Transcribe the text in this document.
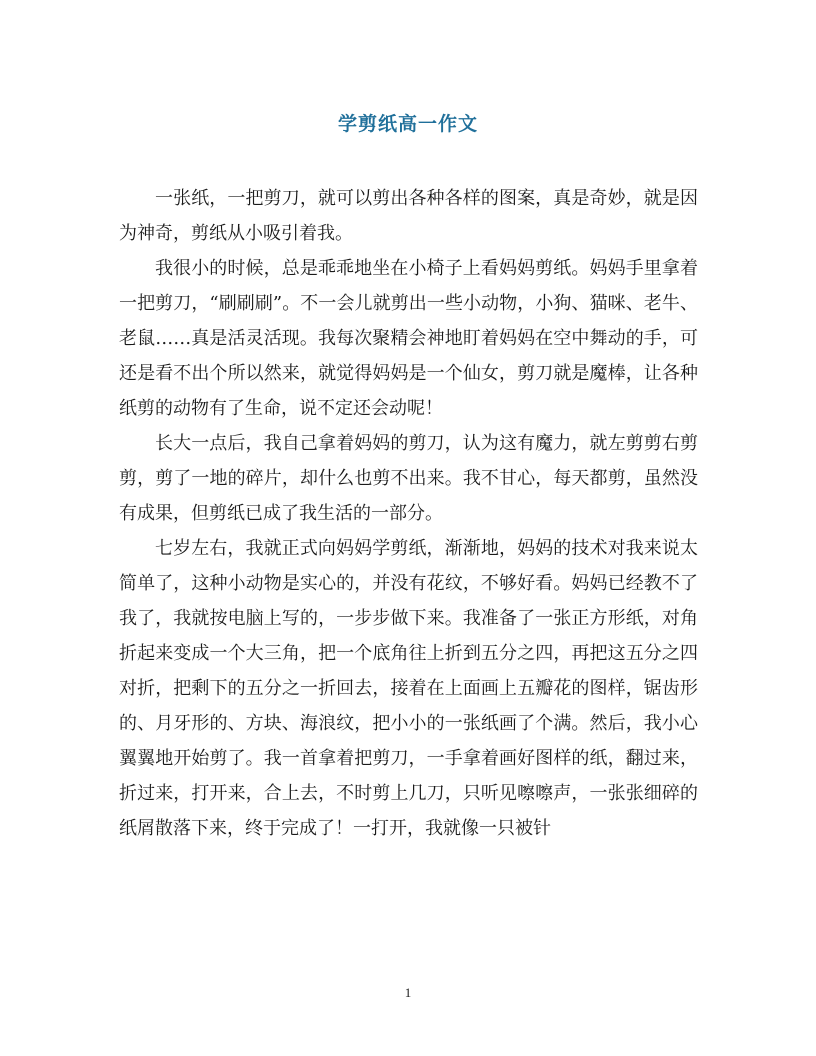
学剪纸高一作文

一张纸，一把剪刀，就可以剪出各种各样的图案，真是奇妙，就是因为神奇，剪纸从小吸引着我。

我很小的时候，总是乖乖地坐在小椅子上看妈妈剪纸。妈妈手里拿着一把剪刀，“刷刷刷”。不一会儿就剪出一些小动物，小狗、猫咪、老牛、老鼠……真是活灵活现。我每次聚精会神地盯着妈妈在空中舞动的手，可还是看不出个所以然来，就觉得妈妈是一个仙女，剪刀就是魔棒，让各种纸剪的动物有了生命，说不定还会动呢！

长大一点后，我自己拿着妈妈的剪刀，认为这有魔力，就左剪剪右剪剪，剪了一地的碎片，却什么也剪不出来。我不甘心，每天都剪，虽然没有成果，但剪纸已成了我生活的一部分。

七岁左右，我就正式向妈妈学剪纸，渐渐地，妈妈的技术对我来说太简单了，这种小动物是实心的，并没有花纹，不够好看。妈妈已经教不了我了，我就按电脑上写的，一步步做下来。我准备了一张正方形纸，对角折起来变成一个大三角，把一个底角往上折到五分之四，再把这五分之四对折，把剩下的五分之一折回去，接着在上面画上五瓣花的图样，锯齿形的、月牙形的、方块、海浪纹，把小小的一张纸画了个满。然后，我小心翼翼地开始剪了。我一首拿着把剪刀，一手拿着画好图样的纸，翻过来，折过来，打开来，合上去，不时剪上几刀，只听见嚓嚓声，一张张细碎的纸屑散落下来，终于完成了！一打开，我就像一只被针

1
